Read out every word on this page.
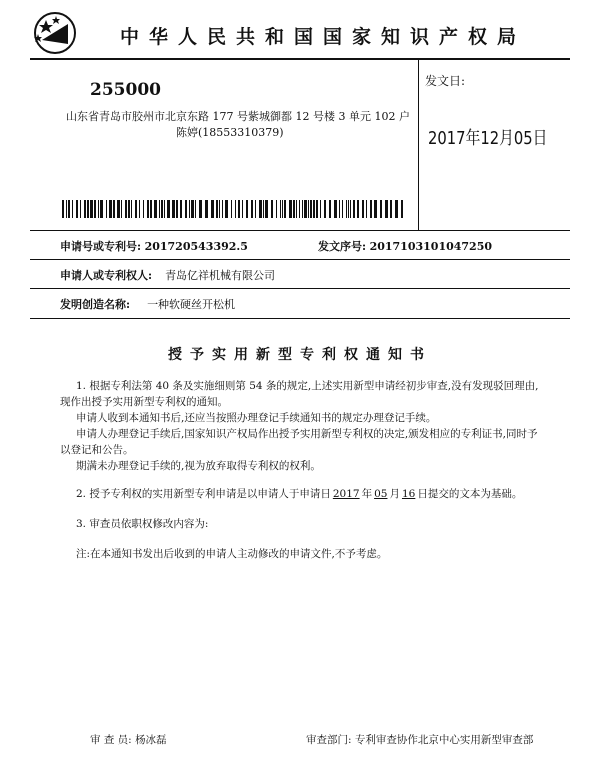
中华人民共和国国家知识产权局
255000
山东省青岛市胶州市北京东路 177 号紫城御都 12 号楼 3 单元 102 户
陈婷(18553310379)
发文日:
2017年12月05日
申请号或专利号: 201720543392.5	发文序号: 2017103101047250
申请人或专利权人: 青岛亿祥机械有限公司
发明创造名称: 一种软硬丝开松机
授予实用新型专利权通知书
1. 根据专利法第 40 条及实施细则第 54 条的规定,上述实用新型申请经初步审查,没有发现驳回理由,现作出授予实用新型专利权的通知。
申请人收到本通知书后,还应当按照办理登记手续通知书的规定办理登记手续。
申请人办理登记手续后,国家知识产权局作出授予实用新型专利权的决定,颁发相应的专利证书,同时予以登记和公告。
期满未办理登记手续的,视为放弃取得专利权的权利。
2. 授予专利权的实用新型专利申请是以申请人于申请日 2017 年 05 月 16 日提交的文本为基础。
3. 审查员依职权修改内容为:
注:在本通知书发出后收到的申请人主动修改的申请文件,不予考虑。
审 查 员: 杨冰磊	审查部门: 专利审查协作北京中心实用新型审查部
